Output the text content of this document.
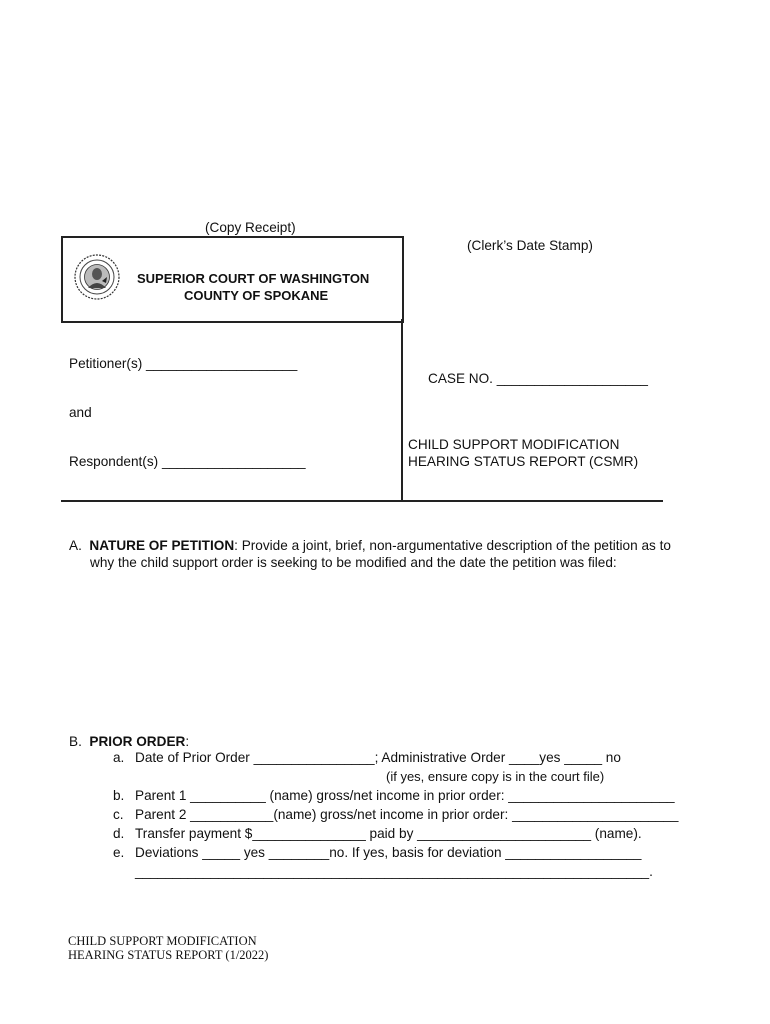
(Copy Receipt)
(Clerk’s Date Stamp)
SUPERIOR COURT OF WASHINGTON
COUNTY OF SPOKANE
Petitioner(s) ____________________
and
Respondent(s) ___________________
CASE NO. ____________________
CHILD SUPPORT MODIFICATION
HEARING STATUS REPORT (CSMR)
A. NATURE OF PETITION: Provide a joint, brief, non-argumentative description of the petition as to
why the child support order is seeking to be modified and the date the petition was filed:
B. PRIOR ORDER:
a. Date of Prior Order ________________; Administrative Order ____yes _____ no
(if yes, ensure copy is in the court file)
b. Parent 1 __________ (name) gross/net income in prior order: ______________________
c. Parent 2 ___________(name) gross/net income in prior order: ______________________
d. Transfer payment $_______________ paid by _______________________ (name).
e. Deviations _____ yes ________no. If yes, basis for deviation __________________
____________________________________________________________________.
CHILD SUPPORT MODIFICATION
HEARING STATUS REPORT (1/2022)
